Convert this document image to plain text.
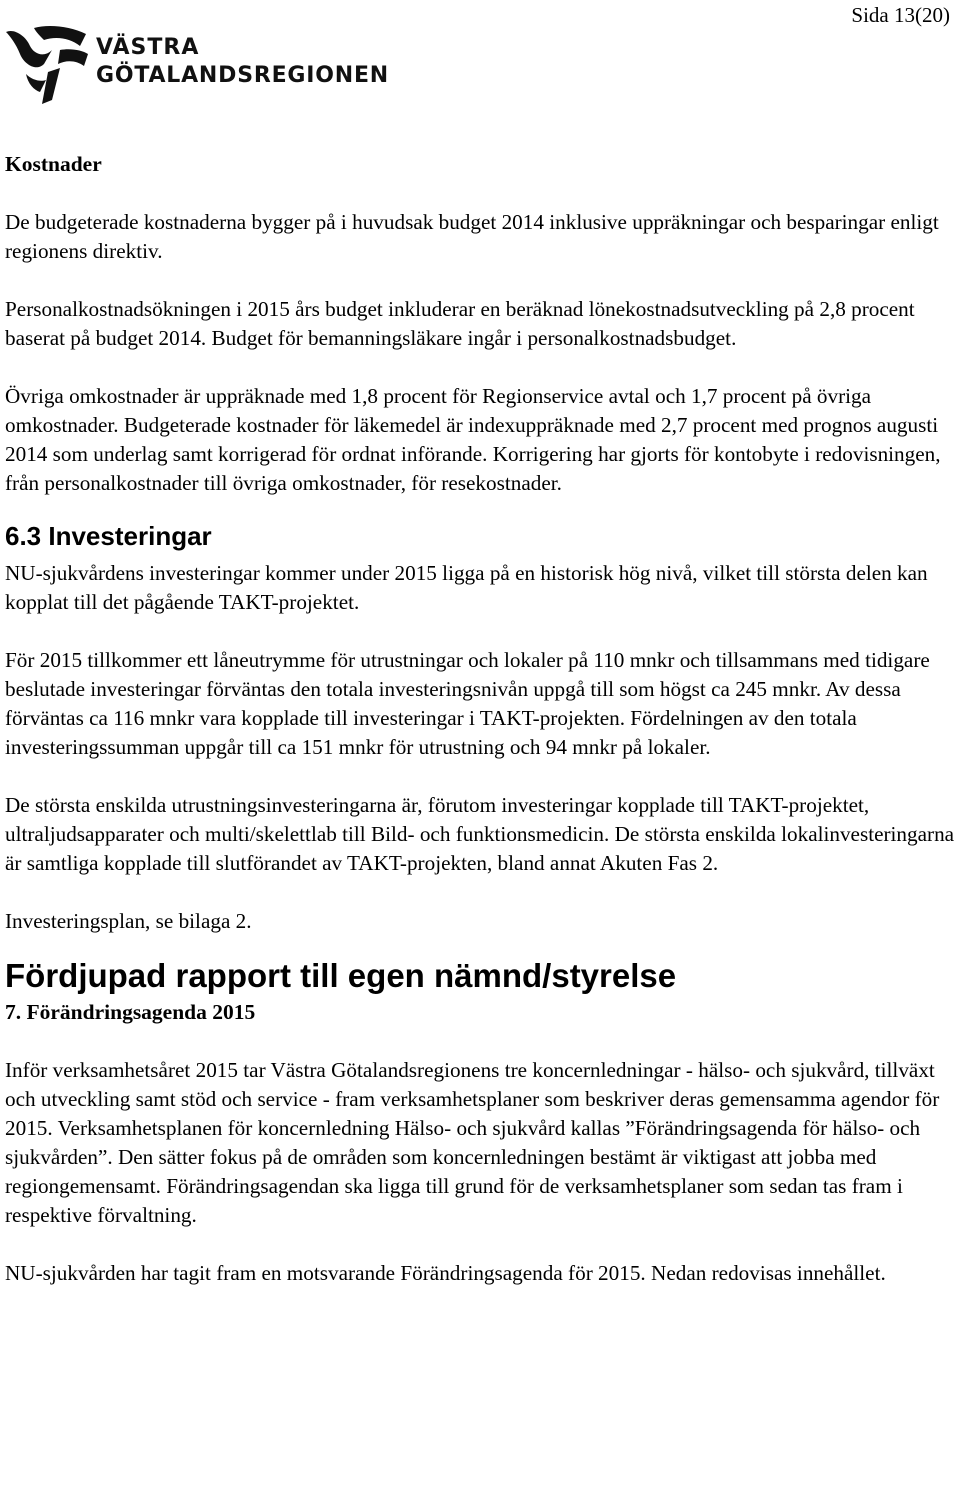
Sida 13(20)
VÄSTRA
GÖTALANDSREGIONEN
Kostnader

De budgeterade kostnaderna bygger på i huvudsak budget 2014 inklusive uppräkningar och besparingar enligt regionens direktiv.

Personalkostnadsökningen i 2015 års budget inkluderar en beräknad lönekostnadsutveckling på 2,8 procent baserat på budget 2014. Budget för bemanningsläkare ingår i personalkostnadsbudget.

Övriga omkostnader är uppräknade med 1,8 procent för Regionservice avtal och 1,7 procent på övriga omkostnader. Budgeterade kostnader för läkemedel är indexuppräknade med 2,7 procent med prognos augusti 2014 som underlag samt korrigerad för ordnat införande. Korrigering har gjorts för kontobyte i redovisningen, från personalkostnader till övriga omkostnader, för resekostnader.

6.3 Investeringar

NU-sjukvårdens investeringar kommer under 2015 ligga på en historisk hög nivå, vilket till största delen kan kopplat till det pågående TAKT-projektet.

För 2015 tillkommer ett låneutrymme för utrustningar och lokaler på 110 mnkr och tillsammans med tidigare beslutade investeringar förväntas den totala investeringsnivån uppgå till som högst ca 245 mnkr. Av dessa förväntas ca 116 mnkr vara kopplade till investeringar i TAKT-projekten. Fördelningen av den totala investeringssumman uppgår till ca 151 mnkr för utrustning och 94 mnkr på lokaler.

De största enskilda utrustningsinvesteringarna är, förutom investeringar kopplade till TAKT-projektet, ultraljudsapparater och multi/skelettlab till Bild- och funktionsmedicin. De största enskilda lokalinvesteringarna är samtliga kopplade till slutförandet av TAKT-projekten, bland annat Akuten Fas 2.

Investeringsplan, se bilaga 2.

Fördjupad rapport till egen nämnd/styrelse
7. Förändringsagenda 2015

Inför verksamhetsåret 2015 tar Västra Götalandsregionens tre koncernledningar - hälso- och sjukvård, tillväxt och utveckling samt stöd och service - fram verksamhetsplaner som beskriver deras gemensamma agendor för 2015. Verksamhetsplanen för koncernledning Hälso- och sjukvård kallas ”Förändringsagenda för hälso- och sjukvården”. Den sätter fokus på de områden som koncernledningen bestämt är viktigast att jobba med regiongemensamt. Förändringsagendan ska ligga till grund för de verksamhetsplaner som sedan tas fram i respektive förvaltning.

NU-sjukvården har tagit fram en motsvarande Förändringsagenda för 2015. Nedan redovisas innehållet.
